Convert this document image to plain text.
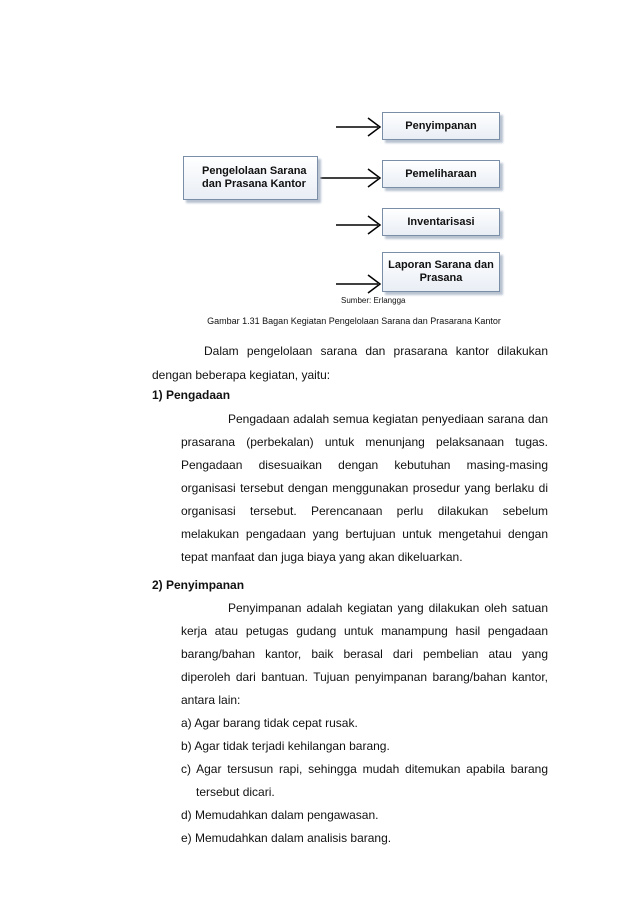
Pengelolaan Sarana
dan Prasana Kantor
Penyimpanan
Pemeliharaan
Inventarisasi
Laporan Sarana dan
Prasana
Sumber: Erlangga
Gambar 1.31 Bagan Kegiatan Pengelolaan Sarana dan Prasarana Kantor
Dalam pengelolaan sarana dan prasarana kantor dilakukan
dengan beberapa kegiatan, yaitu:
1) Pengadaan
Pengadaan adalah semua kegiatan penyediaan sarana dan
prasarana (perbekalan) untuk menunjang pelaksanaan tugas.
Pengadaan disesuaikan dengan kebutuhan masing-masing
organisasi tersebut dengan menggunakan prosedur yang berlaku di
organisasi tersebut. Perencanaan perlu dilakukan sebelum
melakukan pengadaan yang bertujuan untuk mengetahui dengan
tepat manfaat dan juga biaya yang akan dikeluarkan.
2) Penyimpanan
Penyimpanan adalah kegiatan yang dilakukan oleh satuan
kerja atau petugas gudang untuk manampung hasil pengadaan
barang/bahan kantor, baik berasal dari pembelian atau yang
diperoleh dari bantuan. Tujuan penyimpanan barang/bahan kantor,
antara lain:
a) Agar barang tidak cepat rusak.
b) Agar tidak terjadi kehilangan barang.
c) Agar tersusun rapi, sehingga mudah ditemukan apabila barang
tersebut dicari.
d) Memudahkan dalam pengawasan.
e) Memudahkan dalam analisis barang.
